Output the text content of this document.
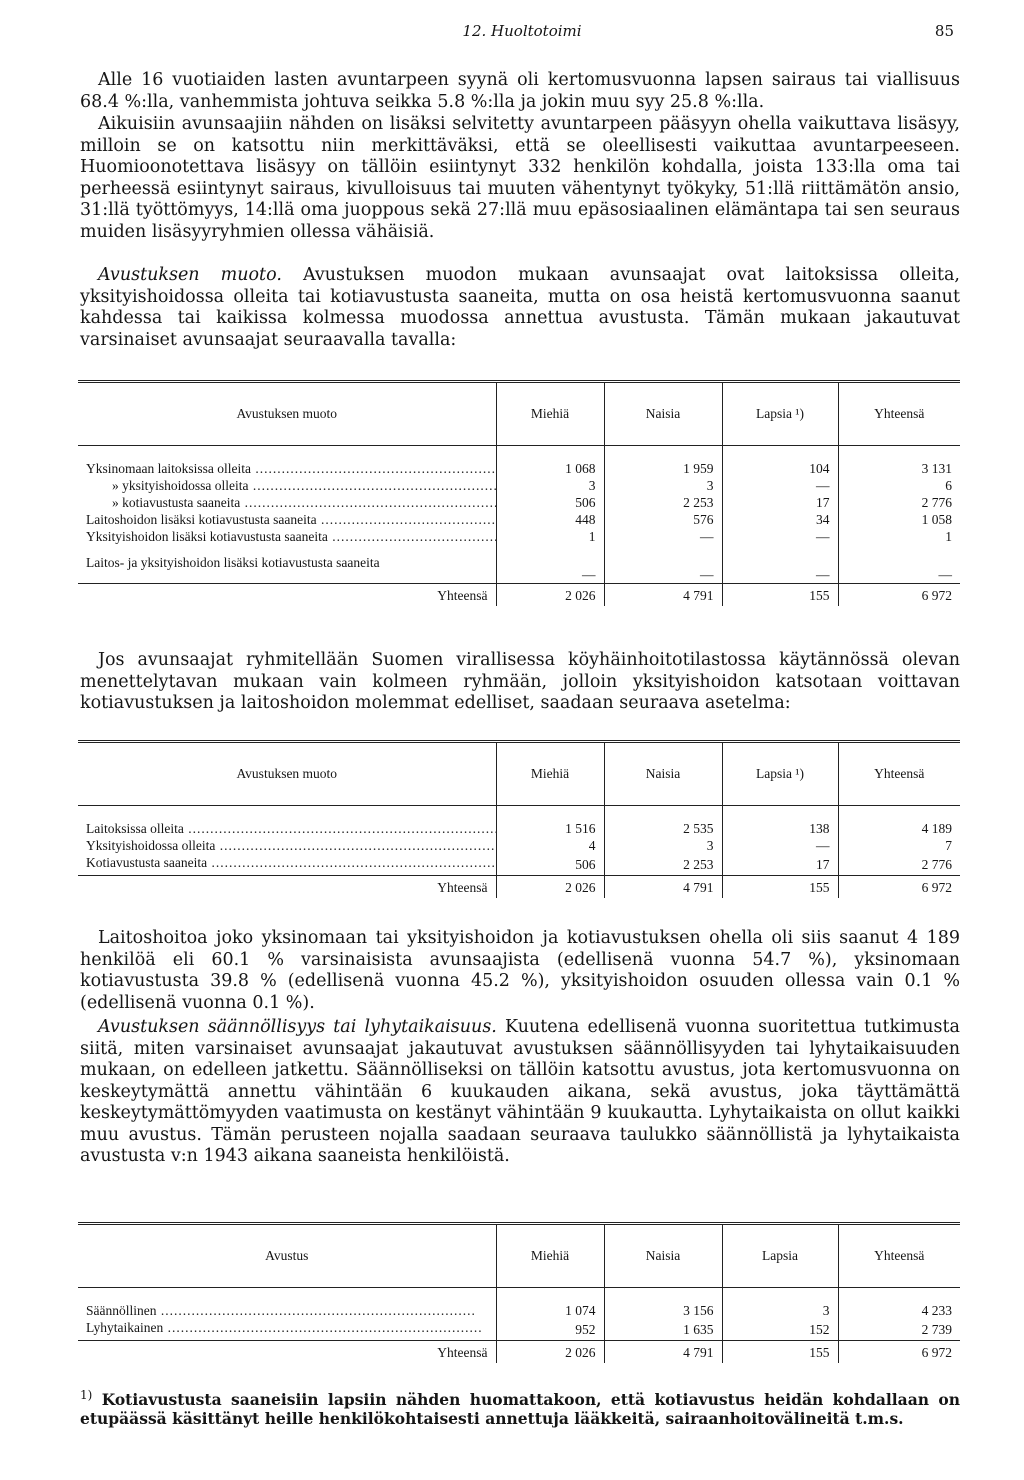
12. Huoltotoimi	85

Alle 16 vuotiaiden lasten avuntarpeen syynä oli kertomusvuonna lapsen sairaus tai viallisuus 68.4 %:lla, vanhemmista johtuva seikka 5.8 %:lla ja jokin muu syy 25.8 %:lla.

Aikuisiin avunsaajiin nähden on lisäksi selvitetty avuntarpeen pääsyyn ohella vaikuttava lisäsyy, milloin se on katsottu niin merkittäväksi, että se oleellisesti vaikuttaa avuntarpeeseen. Huomioonotettava lisäsyy on tällöin esiintynyt 332 henkilön kohdalla, joista 133:lla oma tai perheessä esiintynyt sairaus, kivulloisuus tai muuten vähentynyt työkyky, 51:llä riittämätön ansio, 31:llä työttömyys, 14:llä oma juoppous sekä 27:llä muu epäsosiaalinen elämäntapa tai sen seuraus muiden lisäsyyryhmien ollessa vähäisiä.

Avustuksen muoto. Avustuksen muodon mukaan avunsaajat ovat laitoksissa olleita, yksityishoidossa olleita tai kotiavustusta saaneita, mutta on osa heistä kertomusvuonna saanut kahdessa tai kaikissa kolmessa muodossa annettua avustusta. Tämän mukaan jakautuvat varsinaiset avunsaajat seuraavalla tavalla:

Avustuksen muoto	Miehiä	Naisia	Lapsia ¹)	Yhteensä
Yksinomaan laitoksissa olleita .....	1 068	1 959	104	3 131
» yksityishoidossa olleita .....	3	3	—	6
» kotiavustusta saaneita .....	506	2 253	17	2 776
Laitoshoidon lisäksi kotiavustusta saaneita .....	448	576	34	1 058
Yksityishoidon lisäksi kotiavustusta saaneita .....	1	—	—	1
Laitos- ja yksityishoidon lisäksi kotiavustusta saaneita	—	—	—	—
Yhteensä	2 026	4 791	155	6 972

Jos avunsaajat ryhmitellään Suomen virallisessa köyhäinhoitotilastossa käytännössä olevan menettelytavan mukaan vain kolmeen ryhmään, jolloin yksityishoidon katsotaan voittavan kotiavustuksen ja laitoshoidon molemmat edelliset, saadaan seuraava asetelma:

Avustuksen muoto	Miehiä	Naisia	Lapsia ¹)	Yhteensä
Laitoksissa olleita .....	1 516	2 535	138	4 189
Yksityishoidossa olleita .....	4	3	—	7
Kotiavustusta saaneita .....	506	2 253	17	2 776
Yhteensä	2 026	4 791	155	6 972

Laitoshoitoa joko yksinomaan tai yksityishoidon ja kotiavustuksen ohella oli siis saanut 4 189 henkilöä eli 60.1 % varsinaisista avunsaajista (edellisenä vuonna 54.7 %), yksinomaan kotiavustusta 39.8 % (edellisenä vuonna 45.2 %), yksityishoidon osuuden ollessa vain 0.1 % (edellisenä vuonna 0.1 %).

Avustuksen säännöllisyys tai lyhytaikaisuus. Kuutena edellisenä vuonna suoritettua tutkimusta siitä, miten varsinaiset avunsaajat jakautuvat avustuksen säännöllisyyden tai lyhytaikaisuuden mukaan, on edelleen jatkettu. Säännölliseksi on tällöin katsottu avustus, jota kertomusvuonna on keskeytymättä annettu vähintään 6 kuukauden aikana, sekä avustus, joka täyttämättä keskeytymättömyyden vaatimusta on kestänyt vähintään 9 kuukautta. Lyhytaikaista on ollut kaikki muu avustus. Tämän perusteen nojalla saadaan seuraava taulukko säännöllistä ja lyhytaikaista avustusta v:n 1943 aikana saaneista henkilöistä.

Avustus	Miehiä	Naisia	Lapsia	Yhteensä
Säännöllinen .....	1 074	3 156	3	4 233
Lyhytaikainen .....	952	1 635	152	2 739
Yhteensä	2 026	4 791	155	6 972

$^{1)}$ Kotiavustusta saaneisiin lapsiin nähden huomattakoon, että kotiavustus heidän kohdallaan on etupäässä käsittänyt heille henkilökohtaisesti annettuja lääkkeitä, sairaanhoitovälineitä t.m.s.
